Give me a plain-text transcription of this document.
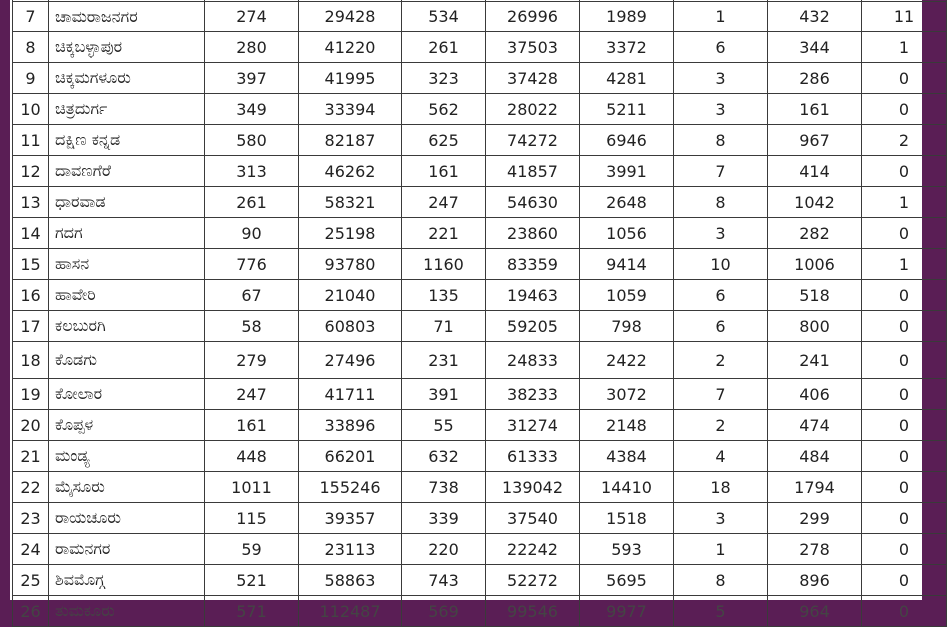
7	ಚಾಮರಾಜನಗರ	274	29428	534	26996	1989	1	432	11
8	ಚಿಕ್ಕಬಳ್ಳಾಪುರ	280	41220	261	37503	3372	6	344	1
9	ಚಿಕ್ಕಮಗಳೂರು	397	41995	323	37428	4281	3	286	0
10	ಚಿತ್ರದುರ್ಗ	349	33394	562	28022	5211	3	161	0
11	ದಕ್ಷಿಣ ಕನ್ನಡ	580	82187	625	74272	6946	8	967	2
12	ದಾವಣಗೆರೆ	313	46262	161	41857	3991	7	414	0
13	ಧಾರವಾಡ	261	58321	247	54630	2648	8	1042	1
14	ಗದಗ	90	25198	221	23860	1056	3	282	0
15	ಹಾಸನ	776	93780	1160	83359	9414	10	1006	1
16	ಹಾವೇರಿ	67	21040	135	19463	1059	6	518	0
17	ಕಲಬುರಗಿ	58	60803	71	59205	798	6	800	0
18	ಕೊಡಗು	279	27496	231	24833	2422	2	241	0
19	ಕೋಲಾರ	247	41711	391	38233	3072	7	406	0
20	ಕೊಪ್ಪಳ	161	33896	55	31274	2148	2	474	0
21	ಮಂಡ್ಯ	448	66201	632	61333	4384	4	484	0
22	ಮೈಸೂರು	1011	155246	738	139042	14410	18	1794	0
23	ರಾಯಚೂರು	115	39357	339	37540	1518	3	299	0
24	ರಾಮನಗರ	59	23113	220	22242	593	1	278	0
25	ಶಿವಮೊಗ್ಗ	521	58863	743	52272	5695	8	896	0
26	ತುಮಕೂರು	571	112487	569	99546	9977	5	964	0
